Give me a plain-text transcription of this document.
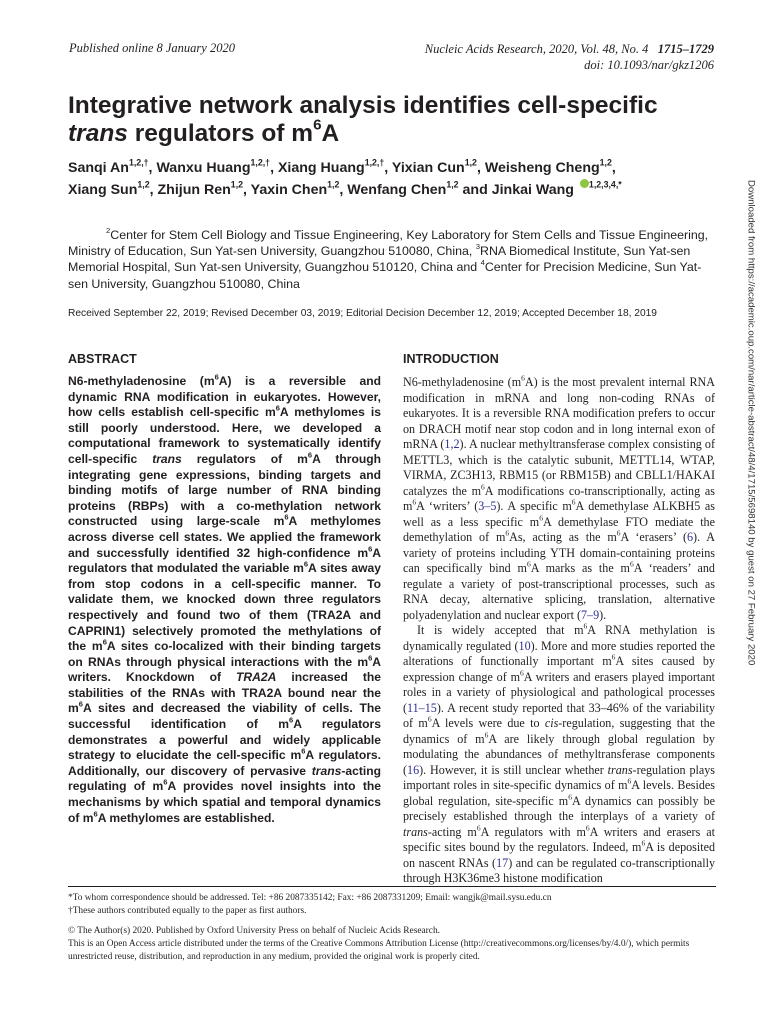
Published online 8 January 2020	Nucleic Acids Research, 2020, Vol. 48, No. 4 1715–1729
doi: 10.1093/nar/gkz1206
Integrative network analysis identifies cell-specific
trans regulators of $m^6A$
Sanqi $An^{1,2,\dagger}$, Wanxu Huang$^{1,2,\dagger}$, Xiang Huang$^{1,2,\dagger}$, Yixian Cun$^{1,2}$, Weisheng Cheng$^{1,2}$,
Xiang Sun$^{1,2}$, Zhijun Ren$^{1,2}$, Yaxin Chen$^{1,2}$, Wenfang Chen$^{1,2}$ and Jinkai Wang $^{1,2,3,4,*}$
$^2$Center for Stem Cell Biology and Tissue Engineering, Key Laboratory for Stem Cells and Tissue Engineering, Ministry of Education, Sun Yat-sen University, Guangzhou 510080, China, $^3$RNA Biomedical Institute, Sun Yat-sen Memorial Hospital, Sun Yat-sen University, Guangzhou 510120, China and $^4$Center for Precision Medicine, Sun Yat-sen University, Guangzhou 510080, China
Received September 22, 2019; Revised December 03, 2019; Editorial Decision December 12, 2019; Accepted December 18, 2019
ABSTRACT

N6-methyladenosine $(m^6A)$ is a reversible and dynamic RNA modification in eukaryotes. However, how cells establish cell-specific $m^6A$ methylomes is still poorly understood. Here, we developed a computational framework to systematically identify cell-specific trans regulators of $m^6A$ through integrating gene expressions, binding targets and binding motifs of large number of RNA binding proteins (RBPs) with a co-methylation network constructed using large-scale $m^6A$ methylomes across diverse cell states. We applied the framework and successfully identified 32 high-confidence $m^6A$ regulators that modulated the variable $m^6A$ sites away from stop codons in a cell-specific manner. To validate them, we knocked down three regulators respectively and found two of them (TRA2A and CAPRIN1) selectively promoted the methylations of the $m^6A$ sites co-localized with their binding targets on RNAs through physical interactions with the $m^6A$ writers. Knockdown of TRA2A increased the stabilities of the RNAs with TRA2A bound near the $m^6A$ sites and decreased the viability of cells. The successful identification of $m^6A$ regulators demonstrates a powerful and widely applicable strategy to elucidate the cell-specific $m^6A$ regulators. Additionally, our discovery of pervasive trans-acting regulating of $m^6A$ provides novel insights into the mechanisms by which spatial and temporal dynamics of $m^6A$ methylomes are established.

INTRODUCTION

N6-methyladenosine $(m^6A)$ is the most prevalent internal RNA modification in mRNA and long non-coding RNAs of eukaryotes. It is a reversible RNA modification prefers to occur on DRACH motif near stop codon and in long internal exon of mRNA (1,2). A nuclear methyltransferase complex consisting of METTL3, which is the catalytic subunit, METTL14, WTAP, VIRMA, ZC3H13, RBM15 (or RBM15B) and CBLL1/HAKAI catalyzes the $m^6A$ modifications co-transcriptionally, acting as $m^6A$ ‘writers’ (3–5). A specific $m^6A$ demethylase ALKBH5 as well as a less specific $m^6A$ demethylase FTO mediate the demethylation of $m^6As$, acting as the $m^6A$ ‘erasers’ (6). A variety of proteins including YTH domain-containing proteins can specifically bind $m^6A$ marks as the $m^6A$ ‘readers’ and regulate a variety of post-transcriptional processes, such as RNA decay, alternative splicing, translation, alternative polyadenylation and nuclear export (7–9).

It is widely accepted that $m^6A$ RNA methylation is dynamically regulated (10). More and more studies reported the alterations of functionally important $m^6A$ sites caused by expression change of $m^6A$ writers and erasers played important roles in a variety of physiological and pathological processes (11–15). A recent study reported that 33–46% of the variability of $m^6A$ levels were due to cis-regulation, suggesting that the dynamics of $m^6A$ are likely through global regulation by modulating the abundances of methyltransferase components (16). However, it is still unclear whether trans-regulation plays important roles in site-specific dynamics of $m^6A$ levels. Besides global regulation, site-specific $m^6A$ dynamics can possibly be precisely established through the interplays of a variety of trans-acting $m^6A$ regulators with $m^6A$ writers and erasers at specific sites bound by the regulators. Indeed, $m^6A$ is deposited on nascent RNAs (17) and can be regulated co-transcriptionally through H3K36me3 histone modification

*To whom correspondence should be addressed. Tel: +86 2087335142; Fax: +86 2087331209; Email: wangjk@mail.sysu.edu.cn
†These authors contributed equally to the paper as first authors.
© The Author(s) 2020. Published by Oxford University Press on behalf of Nucleic Acids Research.
This is an Open Access article distributed under the terms of the Creative Commons Attribution License (http://creativecommons.org/licenses/by/4.0/), which permits unrestricted reuse, distribution, and reproduction in any medium, provided the original work is properly cited.
Downloaded from https://academic.oup.com/nar/article-abstract/48/4/1715/5698140 by guest on 27 February 2020
